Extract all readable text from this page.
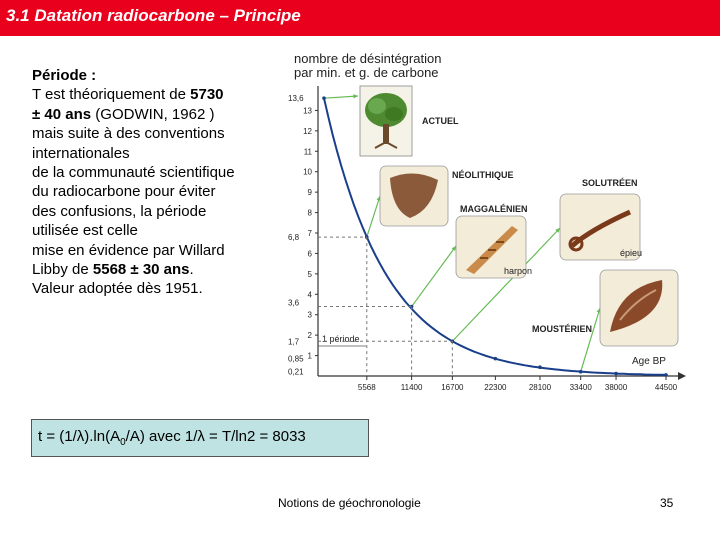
3.1 Datation radiocarbone – Principe
Période :
T est théoriquement de 5730
± 40 ans (GODWIN, 1962 )
mais suite à des conventions
internationales
de la communauté scientifique
du radiocarbone pour éviter
des confusions, la période
utilisée est celle
mise en évidence par Willard
Libby de 5568 ± 30 ans.
Valeur adoptée dès 1951.
nombre de désintégration
par min. et g. de carbone
Age BP
1
2
3
4
5
6
7
8
9
10
11
12
13
5568	11400 16700	22300	28100 33400 38000	44500
13,6
6,8
3,6
1,7
0,85
0,21
1 période
ACTUEL
NÉOLITHIQUE
MAGGALÉNIEN
harpon
SOLUTRÉEN
épieu
MOUSTÉRIEN
$t = (1/\lambda).\ln(A_0/A)$ avec 1/λ = T/ln2 = 8033
Notions de géochronologie	35
